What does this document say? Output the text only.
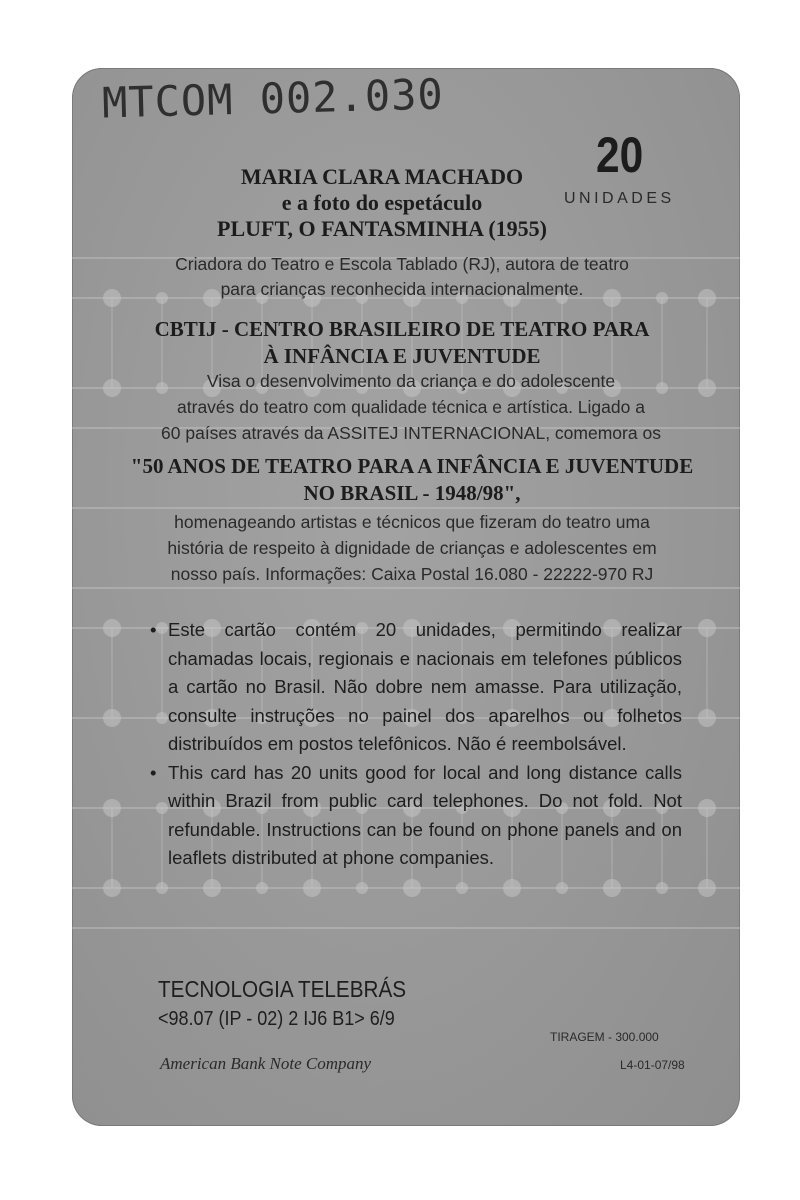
MTCOM 002.030
20
UNIDADES
MARIA CLARA MACHADO
e a foto do espetáculo
PLUFT, O FANTASMINHA (1955)
Criadora do Teatro e Escola Tablado (RJ), autora de teatro
para crianças reconhecida internacionalmente.
CBTIJ - CENTRO BRASILEIRO DE TEATRO PARA
À INFÂNCIA E JUVENTUDE
Visa o desenvolvimento da criança e do adolescente
através do teatro com qualidade técnica e artística. Ligado a
60 países através da ASSITEJ INTERNACIONAL, comemora os
"50 ANOS DE TEATRO PARA A INFÂNCIA E JUVENTUDE
NO BRASIL - 1948/98",
homenageando artistas e técnicos que fizeram do teatro uma
história de respeito à dignidade de crianças e adolescentes em
nosso país. Informações: Caixa Postal 16.080 - 22222-970 RJ
• Este cartão contém 20 unidades, permitindo realizar chamadas locais, regionais e nacionais em telefones públicos a cartão no Brasil. Não dobre nem amasse. Para utilização, consulte instruções no painel dos aparelhos ou folhetos distribuídos em postos telefônicos. Não é reembolsável.
• This card has 20 units good for local and long distance calls within Brazil from public card telephones. Do not fold. Not refundable. Instructions can be found on phone panels and on leaflets distributed at phone companies.
TECNOLOGIA TELEBRÁS
<98.07 (IP - 02) 2 IJ6 B1> 6/9
TIRAGEM - 300.000
L4-01-07/98
American Bank Note Company
